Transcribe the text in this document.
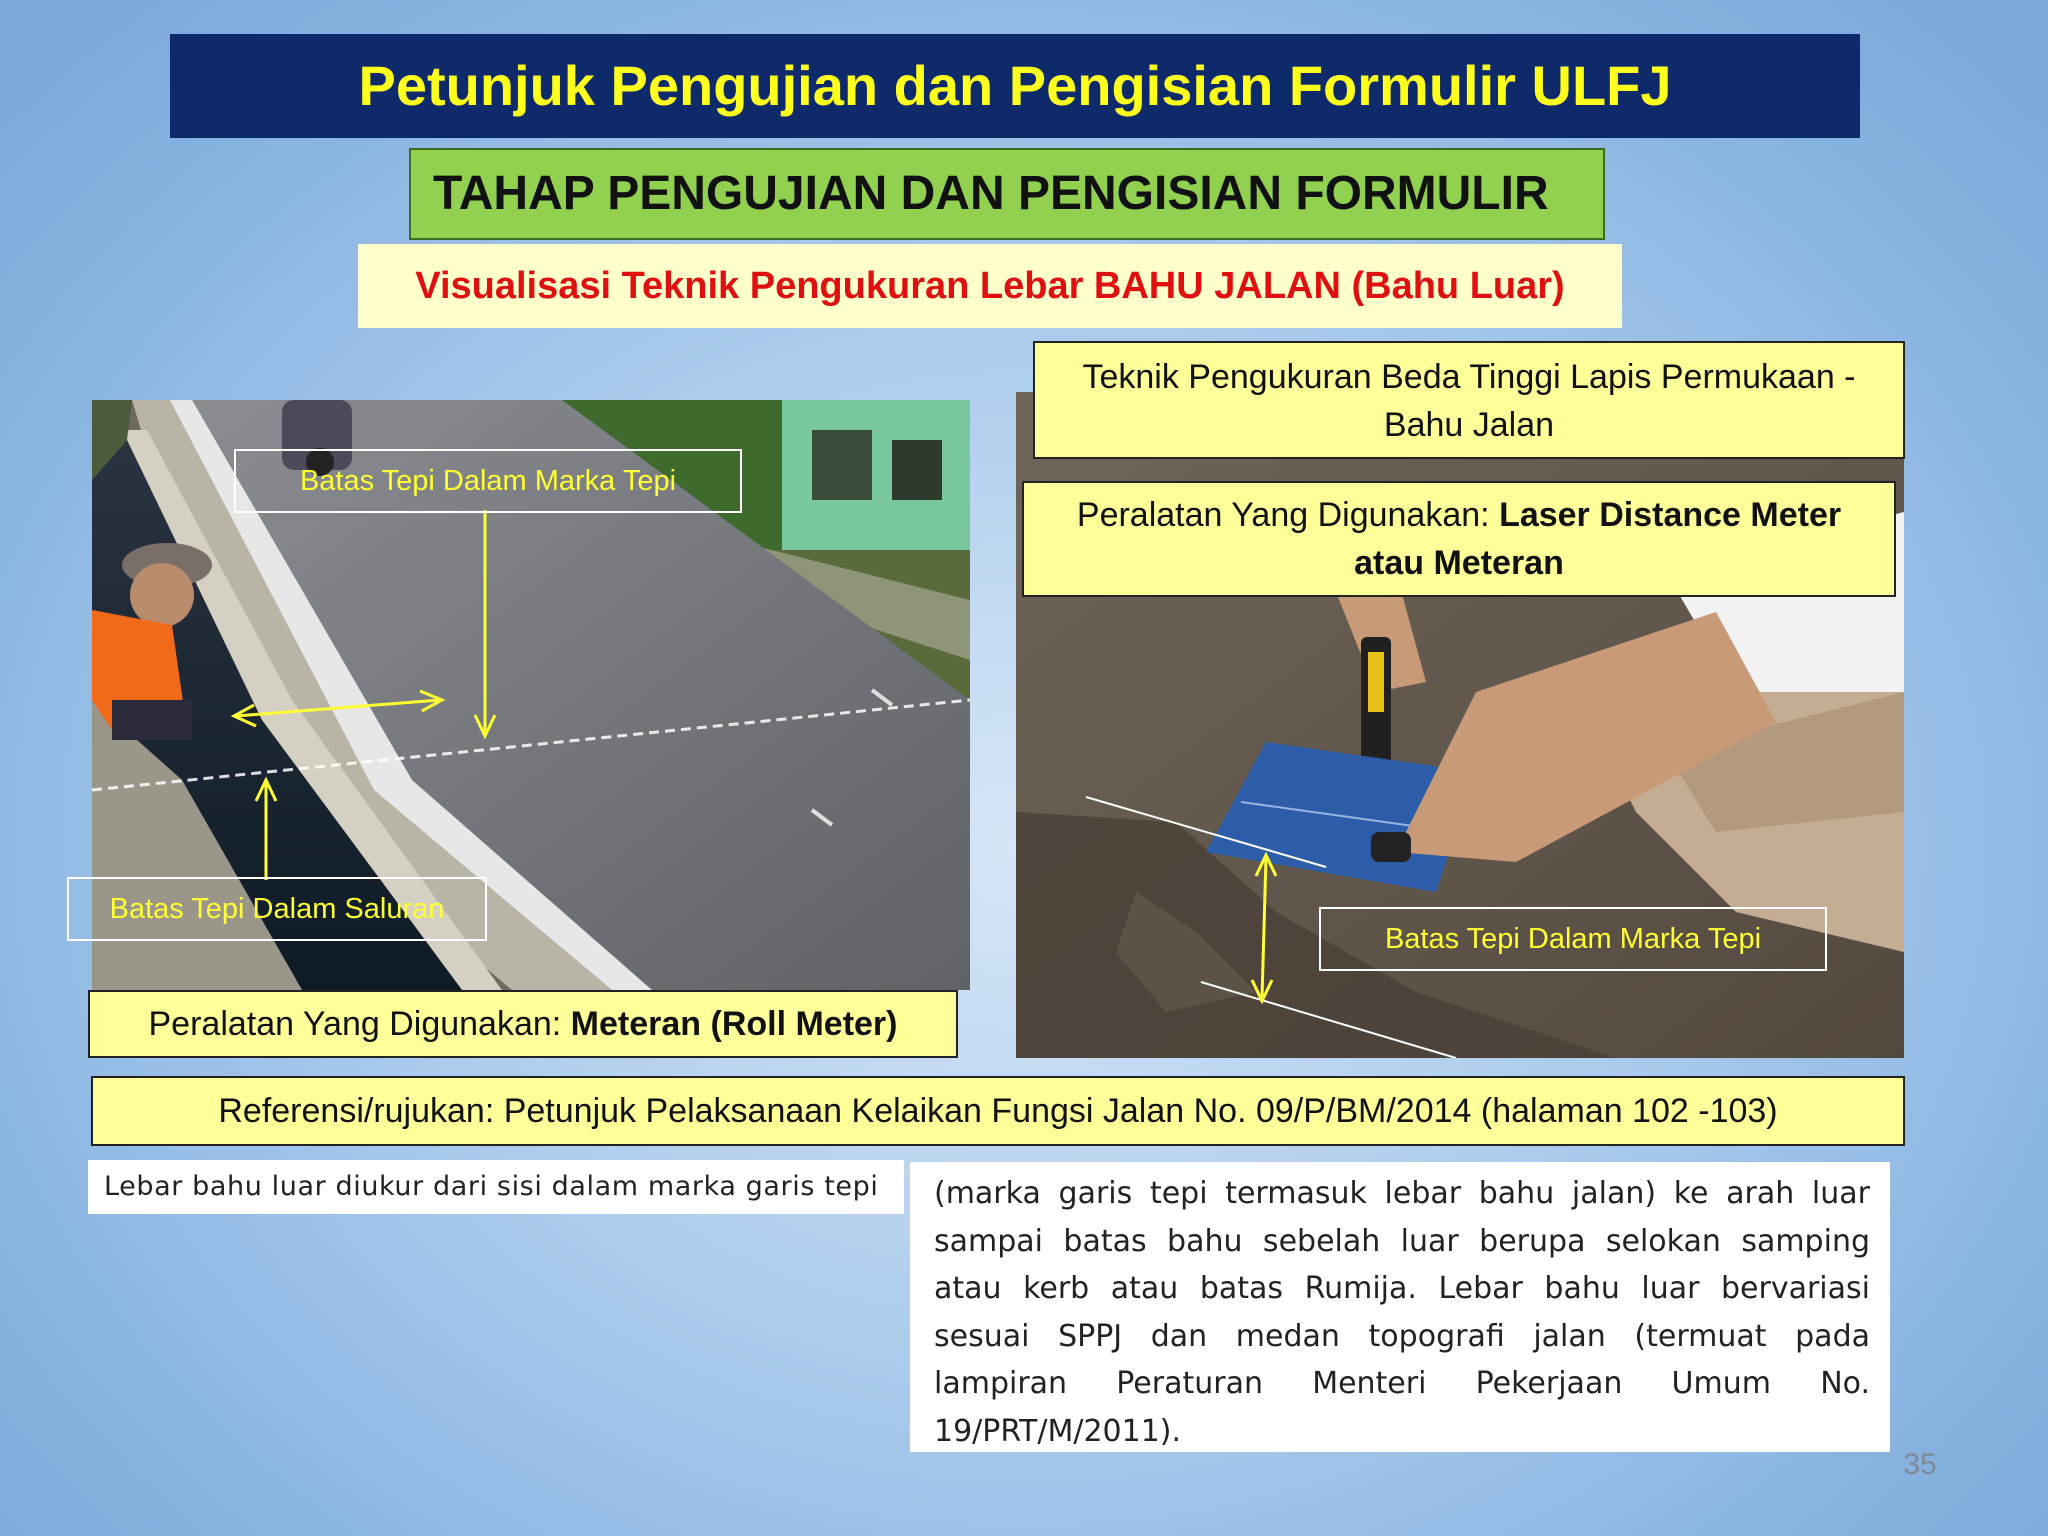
Petunjuk Pengujian dan Pengisian Formulir ULFJ
TAHAP PENGUJIAN DAN PENGISIAN FORMULIR
Visualisasi Teknik Pengukuran Lebar BAHU JALAN (Bahu Luar)
Batas Tepi Dalam Marka Tepi
Batas Tepi Dalam Saluran
Peralatan Yang Digunakan: Meteran (Roll Meter)
Teknik Pengukuran Beda Tinggi Lapis Permukaan -
Bahu Jalan
Peralatan Yang Digunakan: Laser Distance Meter
atau Meteran
Batas Tepi Dalam Marka Tepi
Referensi/rujukan: Petunjuk Pelaksanaan Kelaikan Fungsi Jalan No. 09/P/BM/2014 (halaman 102 -103)
Lebar bahu luar diukur dari sisi dalam marka garis tepi	(marka garis tepi termasuk lebar bahu jalan) ke arah luar sampai batas bahu sebelah luar berupa selokan samping atau kerb atau batas Rumija. Lebar bahu luar bervariasi sesuai SPPJ dan medan topografi jalan (termuat pada lampiran Peraturan Menteri Pekerjaan Umum No. 19/PRT/M/2011).

35
